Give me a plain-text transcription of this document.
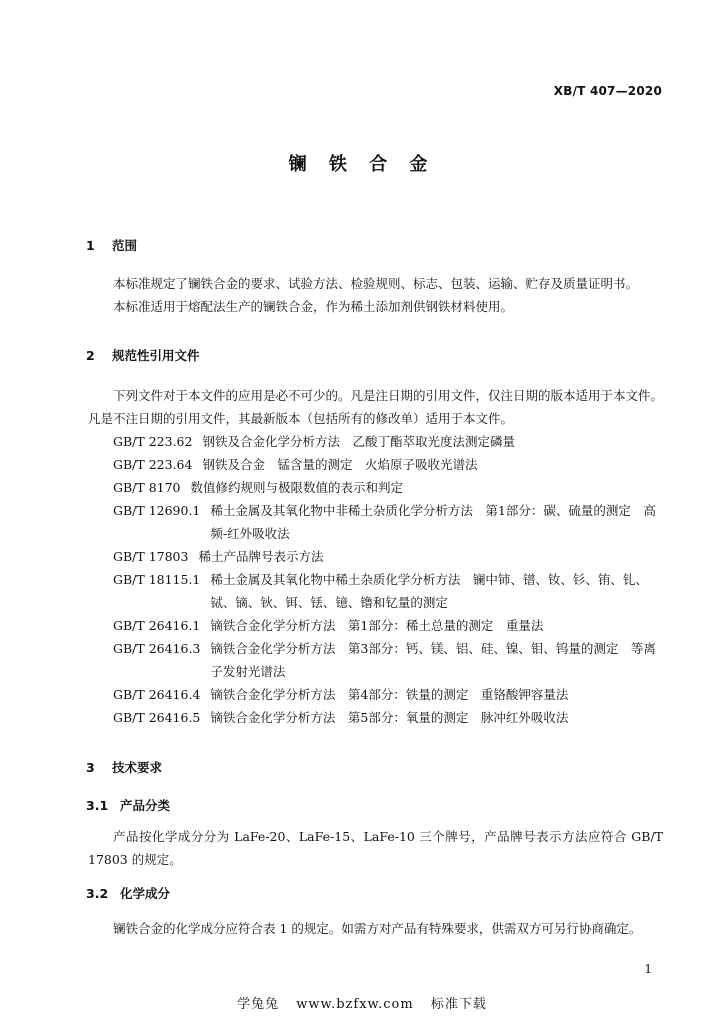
XB/T 407—2020
镧 铁 合 金
1 范围
本标准规定了镧铁合金的要求、试验方法、检验规则、标志、包装、运输、贮存及质量证明书。
本标准适用于熔配法生产的镧铁合金，作为稀土添加剂供钢铁材料使用。
2 规范性引用文件
下列文件对于本文件的应用是必不可少的。凡是注日期的引用文件，仅注日期的版本适用于本文件。凡是不注日期的引用文件，其最新版本（包括所有的修改单）适用于本文件。
GB/T 223.62 钢铁及合金化学分析方法　乙酸丁酯萃取光度法测定磷量
GB/T 223.64 钢铁及合金　锰含量的测定　火焰原子吸收光谱法
GB/T 8170 数值修约规则与极限数值的表示和判定
GB/T 12690.1 稀土金属及其氧化物中非稀土杂质化学分析方法　第1部分：碳、硫量的测定　高频-红外吸收法
GB/T 17803 稀土产品牌号表示方法
GB/T 18115.1 稀土金属及其氧化物中稀土杂质化学分析方法　镧中铈、镨、钕、钐、铕、钆、铽、镝、钬、铒、铥、镱、镥和钇量的测定
GB/T 26416.1 镝铁合金化学分析方法　第1部分：稀土总量的测定　重量法
GB/T 26416.3 镝铁合金化学分析方法　第3部分：钙、镁、铝、硅、镍、钼、钨量的测定　等离子发射光谱法
GB/T 26416.4 镝铁合金化学分析方法　第4部分：铁量的测定　重铬酸钾容量法
GB/T 26416.5 镝铁合金化学分析方法　第5部分：氧量的测定　脉冲红外吸收法
3 技术要求
3.1 产品分类
产品按化学成分分为 LaFe-20、LaFe-15、LaFe-10 三个牌号，产品牌号表示方法应符合 GB/T 17803 的规定。
3.2 化学成分
镧铁合金的化学成分应符合表 1 的规定。如需方对产品有特殊要求，供需双方可另行协商确定。
1
学兔兔 www.bzfxw.com 标准下载
